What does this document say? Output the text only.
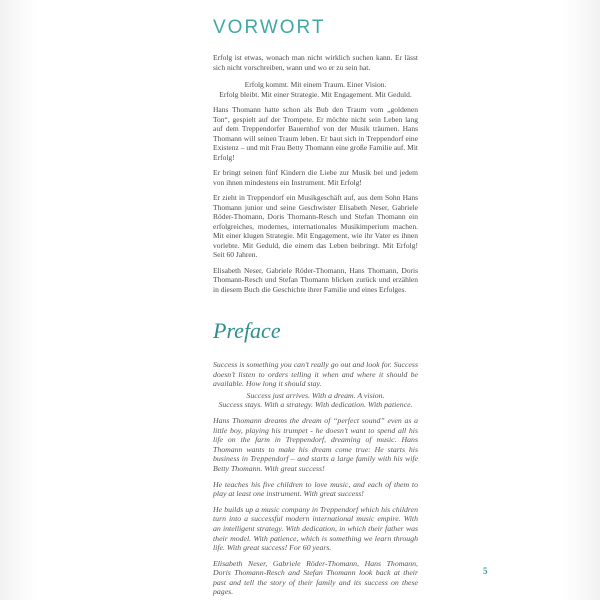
VORWORT

Erfolg ist etwas, wonach man nicht wirklich suchen kann. Er lässt sich nicht vorschreiben, wann und wo er zu sein hat.

Erfolg kommt. Mit einem Traum. Einer Vision.

Erfolg bleibt. Mit einer Strategie. Mit Engagement. Mit Geduld.

Hans Thomann hatte schon als Bub den Traum vom „goldenen Ton“, gespielt auf der Trompete. Er möchte nicht sein Leben lang auf dem Treppendorfer Bauernhof von der Musik träumen. Hans Thomann will seinen Traum leben. Er baut sich in Treppendorf eine Existenz – und mit Frau Betty Thomann eine große Familie auf. Mit Erfolg!

Er bringt seinen fünf Kindern die Liebe zur Musik bei und jedem von ihnen mindestens ein Instrument. Mit Erfolg!

Er zieht in Treppendorf ein Musikgeschäft auf, aus dem Sohn Hans Thomann junior und seine Geschwister Elisabeth Neser, Gabriele Röder-Thomann, Doris Thomann-Resch und Stefan Thomann ein erfolgreiches, modernes, internationales Musikimperium machen. Mit einer klugen Strategie. Mit Engagement, wie ihr Vater es ihnen vorlebte. Mit Geduld, die einem das Leben beibringt. Mit Erfolg! Seit 60 Jahren.

Elisabeth Neser, Gabriele Röder-Thomann, Hans Thomann, Doris Thomann-Resch und Stefan Thomann blicken zurück und erzählen in diesem Buch die Geschichte ihrer Familie und eines Erfolges.

Preface

Success is something you can’t really go out and look for. Success doesn’t listen to orders telling it when and where it should be available. How long it should stay.

Success just arrives. With a dream. A vision.

Success stays. With a strategy. With dedication. With patience.

Hans Thomann dreams the dream of “perfect sound” even as a little boy, playing his trumpet - he doesn’t want to spend all his life on the farm in Treppendorf, dreaming of music. Hans Thomann wants to make his dream come true: He starts his business in Treppendorf – and starts a large family with his wife Betty Thomann. With great success!

He teaches his five children to love music, and each of them to play at least one instrument. With great success!

He builds up a music company in Treppendorf which his children turn into a successful modern international music empire. With an intelligent strategy. With dedication, in which their father was their model. With patience, which is something we learn through life. With great success! For 60 years.

Elisabeth Neser, Gabriele Röder-Thomann, Hans Thomann, Doris Thomann-Resch and Stefan Thomann look back at their past and tell the story of their family and its success on these pages.

5
